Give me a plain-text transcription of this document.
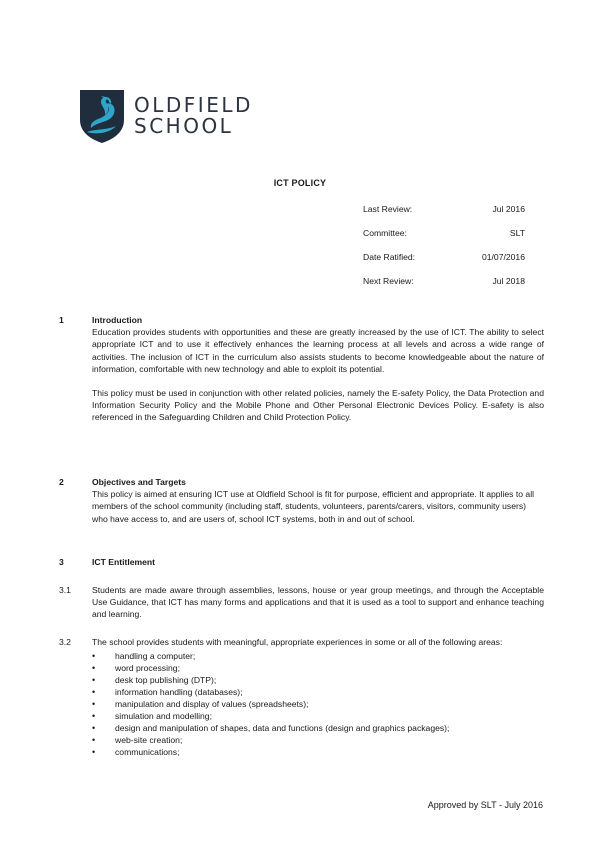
OLDFIELD
SCHOOL
ICT POLICY
Last Review:	Jul 2016
Committee:	SLT
Date Ratified:	01/07/2016
Next Review:	Jul 2018
1	Introduction

Education provides students with opportunities and these are greatly increased by the use of ICT. The ability to select appropriate ICT and to use it effectively enhances the learning process at all levels and across a wide range of activities. The inclusion of ICT in the curriculum also assists students to become knowledgeable about the nature of information, comfortable with new technology and able to exploit its potential.

This policy must be used in conjunction with other related policies, namely the E-safety Policy, the Data Protection and Information Security Policy and the Mobile Phone and Other Personal Electronic Devices Policy. E-safety is also referenced in the Safeguarding Children and Child Protection Policy.

2	Objectives and Targets

This policy is aimed at ensuring ICT use at Oldfield School is fit for purpose, efficient and appropriate. It applies to all members of the school community (including staff, students, volunteers, parents/carers, visitors, community users) who have access to, and are users of, school ICT systems, both in and out of school.

3	ICT Entitlement
3.1	Students are made aware through assemblies, lessons, house or year group meetings, and through the Acceptable Use Guidance, that ICT has many forms and applications and that it is used as a tool to support and enhance teaching and learning.

3.2	The school provides students with meaningful, appropriate experiences in some or all of the following areas:

• handling a computer;
• word processing;
• desk top publishing (DTP);
• information handling (databases);
• manipulation and display of values (spreadsheets);
• simulation and modelling;
• design and manipulation of shapes, data and functions (design and graphics packages);
• web-site creation;
• communications;
Approved by SLT - July 2016
